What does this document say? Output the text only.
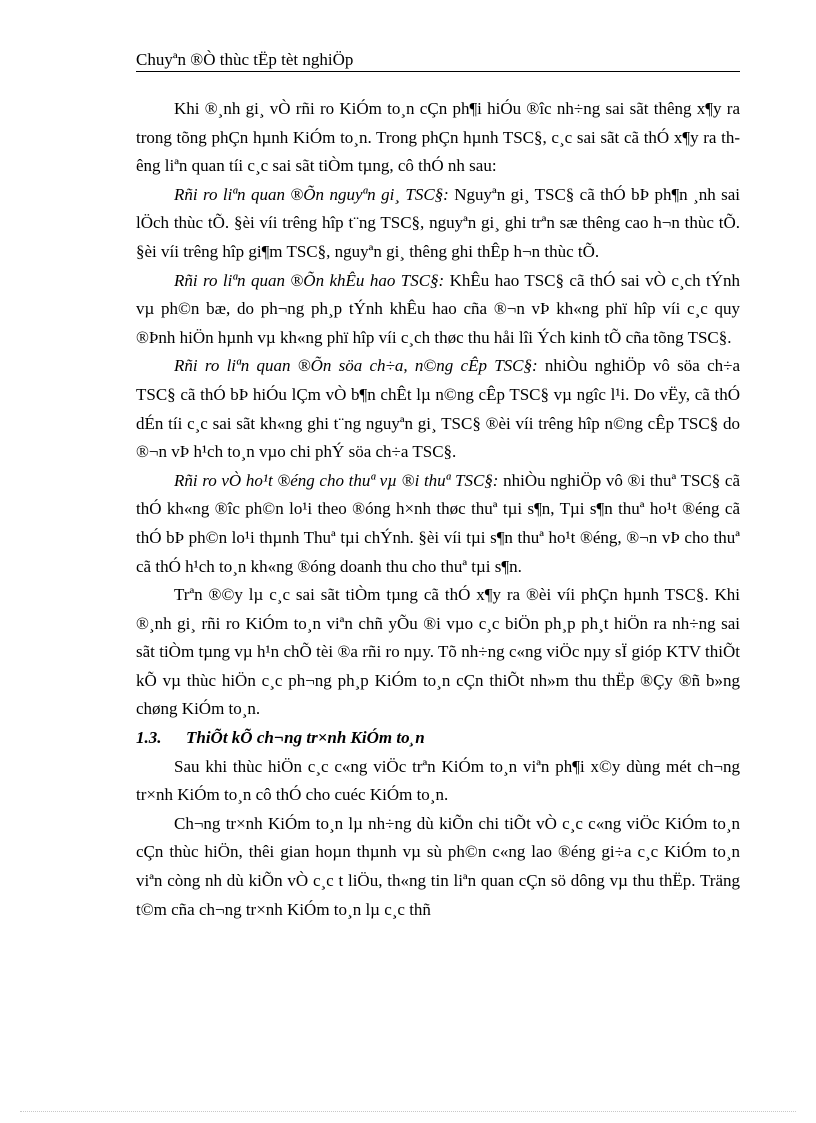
Chuyªn ®Ò thùc tËp tèt nghiÖp

Khi ®¸nh gi¸ vÒ rñi ro KiÓm to¸n cÇn ph¶i hiÓu ®îc nh÷ng sai sãt thêng x¶y ra trong tõng phÇn hµnh KiÓm to¸n. Trong phÇn hµnh TSC§, c¸c sai sãt cã thÓ x¶y ra thêng liªn quan tíi c¸c sai sãt tiÒm tµng, cô thÓ nh sau:

Rñi ro liªn quan ®Õn nguyªn gi¸ TSC§: Nguyªn gi¸ TSC§ cã thÓ bÞ ph¶n ¸nh sai lÖch thùc tÕ. §èi víi trêng hîp t¨ng TSC§, nguyªn gi¸ ghi trªn sæ thêng cao h¬n thùc tÕ. §èi víi trêng hîp gi¶m TSC§, nguyªn gi¸ thêng ghi thÊp h¬n thùc tÕ.

Rñi ro liªn quan ®Õn khÊu hao TSC§: KhÊu hao TSC§ cã thÓ sai vÒ c¸ch tÝnh vµ ph©n bæ, do ph¬ng ph¸p tÝnh khÊu hao cña ®¬n vÞ kh«ng phï hîp víi c¸c quy ®Þnh hiÖn hµnh vµ kh«ng phï hîp víi c¸ch thøc thu håi lîi Ých kinh tÕ cña tõng TSC§.

Rñi ro liªn quan ®Õn söa ch÷a, n©ng cÊp TSC§: nhiÒu nghiÖp vô söa ch÷a TSC§ cã thÓ bÞ hiÓu lÇm vÒ b¶n chÊt lµ n©ng cÊp TSC§ vµ ngîc l¹i. Do vËy, cã thÓ dÉn tíi c¸c sai sãt kh«ng ghi t¨ng nguyªn gi¸ TSC§ ®èi víi trêng hîp n©ng cÊp TSC§ do ®¬n vÞ h¹ch to¸n vµo chi phÝ söa ch÷a TSC§.

Rñi ro vÒ ho¹t ®éng cho thuª vµ ®i thuª TSC§: nhiÒu nghiÖp vô ®i thuª TSC§ cã thÓ kh«ng ®îc ph©n lo¹i theo ®óng h×nh thøc thuª tµi s¶n, Tµi s¶n thuª ho¹t ®éng cã thÓ bÞ ph©n lo¹i thµnh Thuª tµi chÝnh. §èi víi tµi s¶n thuª ho¹t ®éng, ®¬n vÞ cho thuª cã thÓ h¹ch to¸n kh«ng ®óng doanh thu cho thuª tµi s¶n.

Trªn ®©y lµ c¸c sai sãt tiÒm tµng cã thÓ x¶y ra ®èi víi phÇn hµnh TSC§. Khi ®¸nh gi¸ rñi ro KiÓm to¸n viªn chñ yÕu ®i vµo c¸c biÖn ph¸p ph¸t hiÖn ra nh÷ng sai sãt tiÒm tµng vµ h¹n chÕ tèi ®a rñi ro nµy. Tõ nh÷ng c«ng viÖc nµy sÏ gióp KTV thiÕt kÕ vµ thùc hiÖn c¸c ph¬ng ph¸p KiÓm to¸n cÇn thiÕt nh»m thu thËp ®Çy ®ñ b»ng chøng KiÓm to¸n.

1.3. ThiÕt kÕ ch¬ng tr×nh KiÓm to¸n

Sau khi thùc hiÖn c¸c c«ng viÖc trªn KiÓm to¸n viªn ph¶i x©y dùng mét ch¬ng tr×nh KiÓm to¸n cô thÓ cho cuéc KiÓm to¸n.

Ch¬ng tr×nh KiÓm to¸n lµ nh÷ng dù kiÕn chi tiÕt vÒ c¸c c«ng viÖc KiÓm to¸n cÇn thùc hiÖn, thêi gian hoµn thµnh vµ sù ph©n c«ng lao ®éng gi÷a c¸c KiÓm to¸n viªn còng nh dù kiÕn vÒ c¸c t liÖu, th«ng tin liªn quan cÇn sö dông vµ thu thËp. Träng t©m cña ch¬ng tr×nh KiÓm to¸n lµ c¸c thñ
